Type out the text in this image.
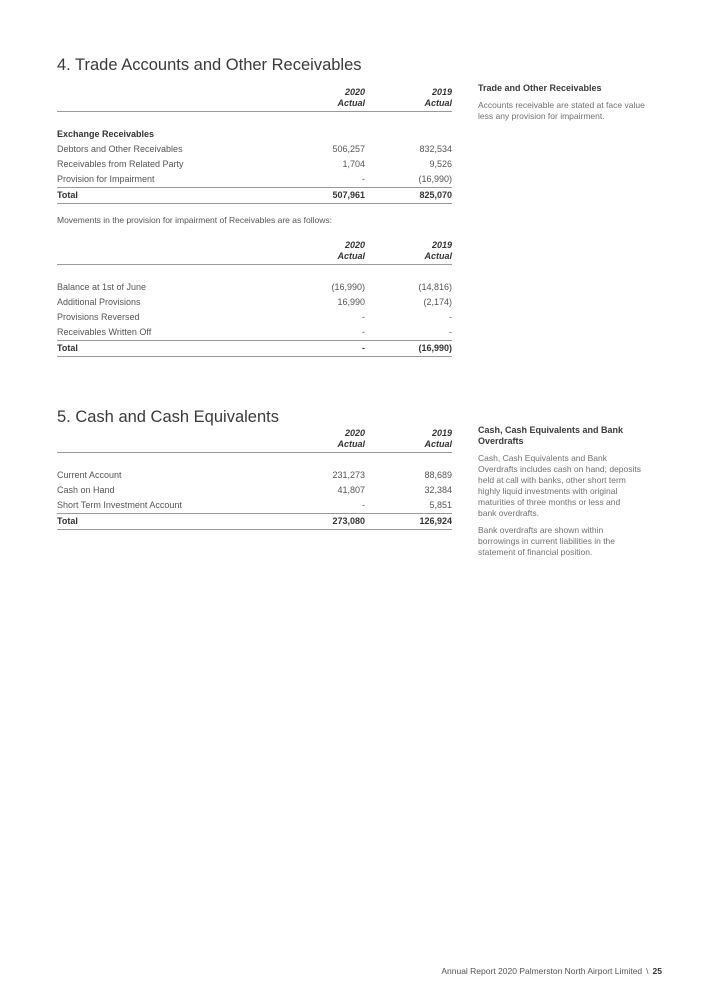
4. Trade Accounts and Other Receivables
2020
Actual
2019
Actual
Exchange Receivables
Debtors and Other Receivables	506,257	832,534
Receivables from Related Party	1,704	9,526
Provision for Impairment	-	(16,990)
Total	507,961	825,070

Movements in the provision for impairment of Receivables are as follows:

2020
Actual
2019
Actual
Balance at 1st of June	(16,990)	(14,816)
Additional Provisions	16,990	(2,174)
Provisions Reversed	-	-
Receivables Written Off	-	-
Total	-	(16,990)
Trade and Other Receivables

Accounts receivable are stated at face value
less any provision for impairment.

5. Cash and Cash Equivalents
2020
Actual
2019
Actual
Current Account	231,273	88,689
Cash on Hand	41,807	32,384
Short Term Investment Account	-	5,851
Total	273,080	126,924
Cash, Cash Equivalents and Bank
Overdrafts

Cash, Cash Equivalents and Bank
Overdrafts includes cash on hand; deposits
held at call with banks, other short term
highly liquid investments with original
maturities of three months or less and
bank overdrafts.

Bank overdrafts are shown within
borrowings in current liabilities in the
statement of financial position.

Annual Report 2020 Palmerston North Airport Limited \ 25
